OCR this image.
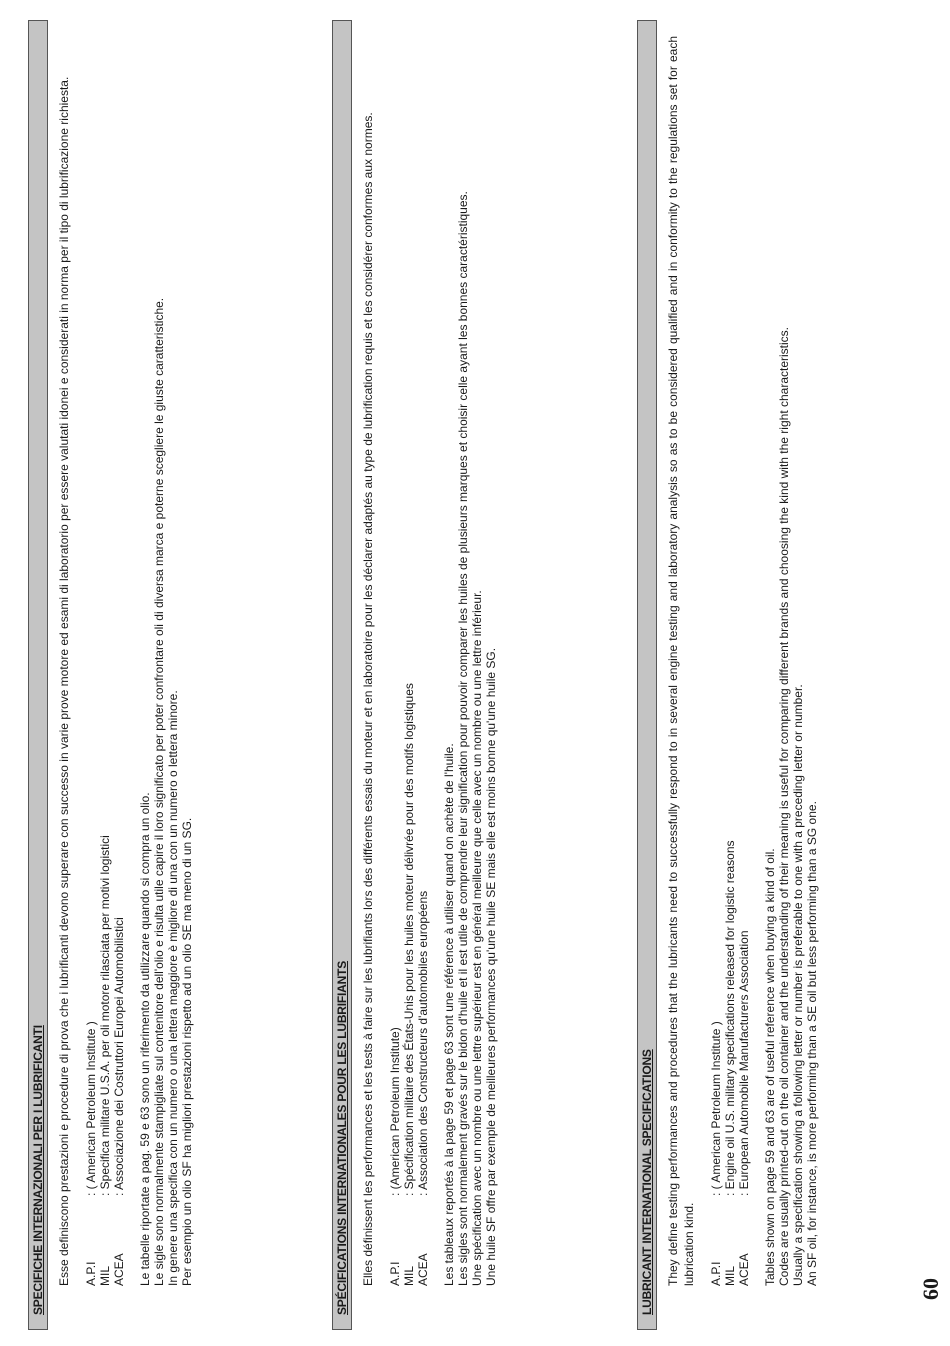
SPECIFICHE INTERNAZIONALI PER I LUBRIFICANTI Esse definiscono prestazioni e procedure di prova che i lubrificanti devono superare con successo in varie prove motore ed esami di laboratorio per essere valutati idonei e considerati in norma per il tipo di lubrificazione richiesta. A.P.I
: ( American Petroleum Institute )
MIL
: Specifica militare U.S.A. per oli motore rilasciata per motivi logistici
ACEA
: Associazione dei Costruttori Europei Automobilistici Le tabelle riportate a pag. 59 e 63 sono un riferimento da utilizzare quando si compra un olio. Le sigle sono normalmente stampigliate sul contenitore dell'olio e risulta utile capire il loro significato per poter confrontare oli di diversa marca e poterne scegliere le giuste caratteristiche. In genere una specifica con un numero o una lettera maggiore è migliore di una con un numero o lettera minore. Per esempio un olio SF ha migliori prestazioni rispetto ad un olio SE ma meno di un SG.	SPÉCIFICATIONS INTERNATIONALES POUR LES LUBRIFIANTS Elles définissent les performances et les tests à faire sur les lubrifiants lors des différents essais du moteur et en laboratoire pour les déclarer adaptés au type de lubrification requis et les considérer conformes aux normes. A.P.I
: (American Petroleum Institute)
MIL
: Spécification militaire des États-Unis pour les huiles moteur délivrée pour des motifs logistiques
ACEA
: Association des Constructeurs d'automobiles européens Les tableaux reportés à la page 59 et page 63 sont une référence à utiliser quand on achète de l'huile. Les sigles sont normalement gravés sur le bidon d'huile et il est utile de comprendre leur signification pour pouvoir comparer les huiles de plusieurs marques et choisir celle ayant les bonnes caractéristiques. Une spécification avec un nombre ou une lettre supérieur est en général meilleure que celle avec un nombre ou une lettre inférieur. Une huile SF offre par exemple de meilleures performances qu'une huile SE mais elle est moins bonne qu'une huile SG.	LUBRICANT INTERNATIONAL SPECIFICATIONS They define testing performances and procedures that the lubricants need to successfully respond to in several engine testing and laboratory analysis so as to be considered qualified and in conformity to the regulations set for each lubrication kind. A.P.I
: ( American Petroleum Institute )
MIL
: Engine oil U.S. military specifications released for logistic reasons
ACEA
: European Automobile Manufacturers Association Tables shown on page 59 and 63 are of useful reference when buying a kind of oil. Codes are usually printed-out on the oil container and the understanding of their meaning is useful for comparing different brands and choosing the kind with the right characteristics. Usually a specification showing a following letter or number is preferable to one with a preceding letter or number. An SF oil, for instance, is more performing than a SE oil but less performing than a SG one.

60
